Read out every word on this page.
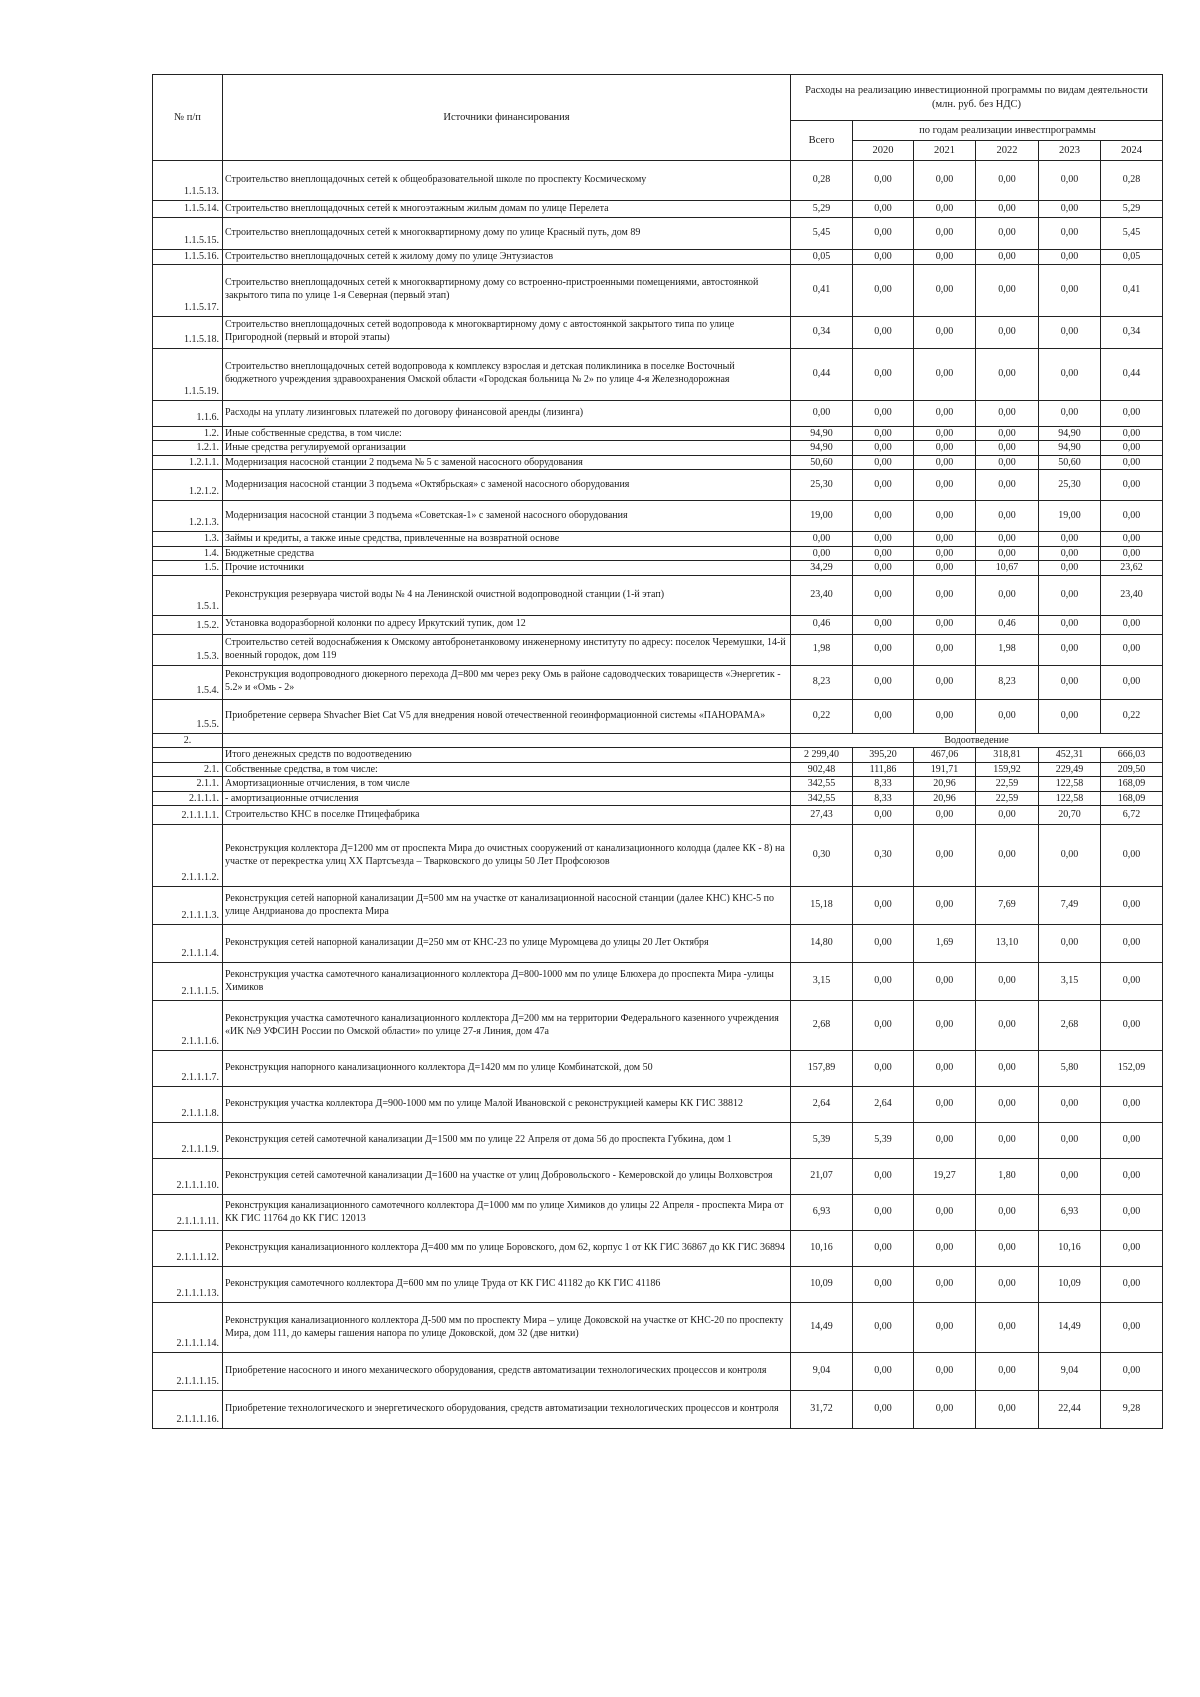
№ п/п	Источники финансирования	Расходы на реализацию инвестиционной программы по видам деятельности (млн. руб. без НДС)					
		Всего	по годам реализации инвестпрограммы				
			2020	2021	2022	2023	2024
1.1.5.13.	Строительство внеплощадочных сетей к общеобразовательной школе по проспекту Космическому	0,28	0,00	0,00	0,00	0,00	0,28
1.1.5.14.	Строительство внеплощадочных сетей к многоэтажным жилым домам по улице Перелета	5,29	0,00	0,00	0,00	0,00	5,29
1.1.5.15.	Строительство внеплощадочных сетей к многоквартирному дому по улице Красный путь, дом 89	5,45	0,00	0,00	0,00	0,00	5,45
1.1.5.16.	Строительство внеплощадочных сетей к жилому дому по улице Энтузиастов	0,05	0,00	0,00	0,00	0,00	0,05
1.1.5.17.	Строительство внеплощадочных сетей к многоквартирному дому со встроенно-пристроенными помещениями, автостоянкой закрытого типа по улице 1-я Северная (первый этап)	0,41	0,00	0,00	0,00	0,00	0,41
1.1.5.18.	Строительство внеплощадочных сетей водопровода к многоквартирному дому с автостоянкой закрытого типа по улице Пригородной (первый и второй этапы)	0,34	0,00	0,00	0,00	0,00	0,34
1.1.5.19.	Строительство внеплощадочных сетей водопровода к комплексу взрослая и детская поликлиника в поселке Восточный бюджетного учреждения здравоохранения Омской области «Городская больница № 2» по улице 4-я Железнодорожная	0,44	0,00	0,00	0,00	0,00	0,44
1.1.6.	Расходы на уплату лизинговых платежей по договору финансовой аренды (лизинга)	0,00	0,00	0,00	0,00	0,00	0,00
1.2.	Иные собственные средства, в том числе:	94,90	0,00	0,00	0,00	94,90	0,00
1.2.1.	Иные средства регулируемой организации	94,90	0,00	0,00	0,00	94,90	0,00
1.2.1.1.	Модернизация насосной станции 2 подъема № 5 с заменой насосного оборудования	50,60	0,00	0,00	0,00	50,60	0,00
1.2.1.2.	Модернизация насосной станции 3 подъема «Октябрьская» с заменой насосного оборудования	25,30	0,00	0,00	0,00	25,30	0,00
1.2.1.3.	Модернизация насосной станции 3 подъема «Советская-1» с заменой насосного оборудования	19,00	0,00	0,00	0,00	19,00	0,00
1.3.	Займы и кредиты, а также иные средства, привлеченные на возвратной основе	0,00	0,00	0,00	0,00	0,00	0,00
1.4.	Бюджетные средства	0,00	0,00	0,00	0,00	0,00	0,00
1.5.	Прочие источники	34,29	0,00	0,00	10,67	0,00	23,62
1.5.1.	Реконструкция резервуара чистой воды № 4 на Ленинской очистной водопроводной станции (1-й этап)	23,40	0,00	0,00	0,00	0,00	23,40
1.5.2.	Установка водоразборной колонки по адресу Иркутский тупик, дом 12	0,46	0,00	0,00	0,46	0,00	0,00
1.5.3.	Строительство сетей водоснабжения к Омскому автобронетанковому инженерному институту по адресу: поселок Черемушки, 14-й военный городок, дом 119	1,98	0,00	0,00	1,98	0,00	0,00
1.5.4.	Реконструкция водопроводного дюкерного перехода Д=800 мм через реку Омь в районе садоводческих товариществ «Энергетик - 5.2» и «Омь - 2»	8,23	0,00	0,00	8,23	0,00	0,00
1.5.5.	Приобретение сервера Shvacher Biet Cat V5 для внедрения новой отечественной геоинформационной системы «ПАНОРАМА»	0,22	0,00	0,00	0,00	0,00	0,22
2.		Водоотведение					
	Итого денежных средств по водоотведению	2 299,40	395,20	467,06	318,81	452,31	666,03
2.1.	Собственные средства, в том числе:	902,48	111,86	191,71	159,92	229,49	209,50
2.1.1.	Амортизационные отчисления, в том числе	342,55	8,33	20,96	22,59	122,58	168,09
2.1.1.1.	- амортизационные отчисления	342,55	8,33	20,96	22,59	122,58	168,09
2.1.1.1.1.	Строительство КНС в поселке Птицефабрика	27,43	0,00	0,00	0,00	20,70	6,72
2.1.1.1.2.	Реконструкция коллектора Д=1200 мм от проспекта Мира до очистных сооружений от канализационного колодца (далее КК - 8) на участке от перекрестка улиц XX Партсъезда – Тварковского до улицы 50 Лет Профсоюзов	0,30	0,30	0,00	0,00	0,00	0,00
2.1.1.1.3.	Реконструкция сетей напорной канализации Д=500 мм на участке от канализационной насосной станции (далее КНС) КНС-5 по улице Андрианова до проспекта Мира	15,18	0,00	0,00	7,69	7,49	0,00
2.1.1.1.4.	Реконструкция сетей напорной канализации Д=250 мм от КНС-23 по улице Муромцева до улицы 20 Лет Октября	14,80	0,00	1,69	13,10	0,00	0,00
2.1.1.1.5.	Реконструкция участка самотечного канализационного коллектора Д=800-1000 мм по улице Блюхера до проспекта Мира -улицы Химиков	3,15	0,00	0,00	0,00	3,15	0,00
2.1.1.1.6.	Реконструкция участка самотечного канализационного коллектора Д=200 мм на территории Федерального казенного учреждения «ИК №9 УФСИН России по Омской области» по улице 27-я Линия, дом 47а	2,68	0,00	0,00	0,00	2,68	0,00
2.1.1.1.7.	Реконструкция напорного канализационного коллектора Д=1420 мм по улице Комбинатской, дом 50	157,89	0,00	0,00	0,00	5,80	152,09
2.1.1.1.8.	Реконструкция участка коллектора Д=900-1000 мм по улице Малой Ивановской с реконструкцией камеры КК ГИС 38812	2,64	2,64	0,00	0,00	0,00	0,00
2.1.1.1.9.	Реконструкция сетей самотечной канализации Д=1500 мм по улице 22 Апреля от дома 56 до проспекта Губкина, дом 1	5,39	5,39	0,00	0,00	0,00	0,00
2.1.1.1.10.	Реконструкция сетей самотечной канализации Д=1600 на участке от улиц Добровольского - Кемеровской до улицы Волховстроя	21,07	0,00	19,27	1,80	0,00	0,00
2.1.1.1.11.	Реконструкция канализационного самотечного коллектора Д=1000 мм по улице Химиков до улицы 22 Апреля - проспекта Мира от КК ГИС 11764 до КК ГИС 12013	6,93	0,00	0,00	0,00	6,93	0,00
2.1.1.1.12.	Реконструкция канализационного коллектора Д=400 мм по улице Боровского, дом 62, корпус 1 от КК ГИС 36867 до КК ГИС 36894	10,16	0,00	0,00	0,00	10,16	0,00
2.1.1.1.13.	Реконструкция самотечного коллектора Д=600 мм по улице Труда от КК ГИС 41182 до КК ГИС 41186	10,09	0,00	0,00	0,00	10,09	0,00
2.1.1.1.14.	Реконструкция канализационного коллектора Д-500 мм по проспекту Мира – улице Доковской на участке от КНС-20 по проспекту Мира, дом 111, до камеры гашения напора по улице Доковской, дом 32 (две нитки)	14,49	0,00	0,00	0,00	14,49	0,00
2.1.1.1.15.	Приобретение насосного и иного механического оборудования, средств автоматизации технологических процессов и контроля	9,04	0,00	0,00	0,00	9,04	0,00
2.1.1.1.16.	Приобретение технологического и энергетического оборудования, средств автоматизации технологических процессов и контроля	31,72	0,00	0,00	0,00	22,44	9,28
